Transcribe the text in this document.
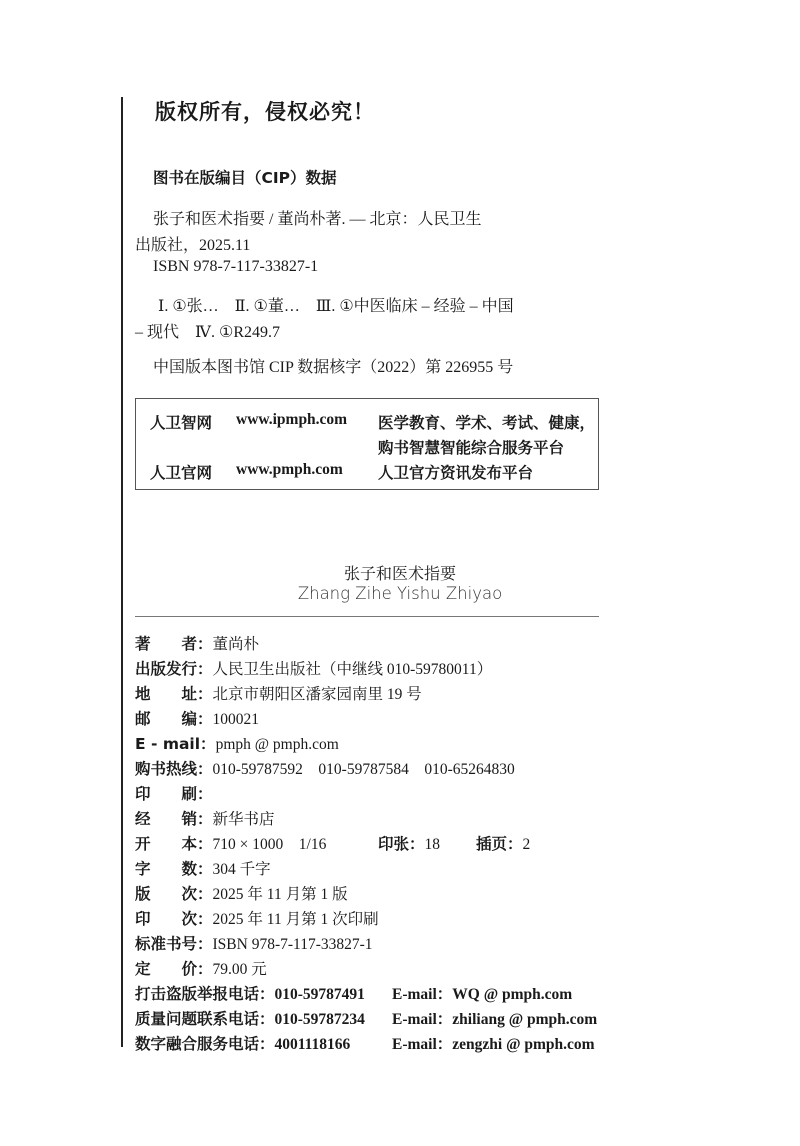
版权所有，侵权必究！
图书在版编目（CIP）数据
张子和医术指要 / 董尚朴著. — 北京：人民卫生
出版社，2025.11
ISBN 978-7-117-33827-1
Ⅰ. ①张…　Ⅱ. ①董…　Ⅲ. ①中医临床 – 经验 – 中国
– 现代　Ⅳ. ①R249.7
中国版本图书馆 CIP 数据核字（2022）第 226955 号
人卫智网 www.ipmph.com 医学教育、学术、考试、健康，
购书智慧智能综合服务平台
人卫官网 www.pmph.com 人卫官方资讯发布平台
张子和医术指要
Zhang Zihe Yishu Zhiyao
著　　者：董尚朴
出版发行：人民卫生出版社（中继线 010-59780011）
地　　址：北京市朝阳区潘家园南里 19 号
邮　　编：100021
E - mail：pmph @ pmph.com
购书热线：010-59787592　010-59787584　010-65264830
印　　刷：
经　　销：新华书店
开　　本：710 × 1000　1/16	印张：18 插页：2
字　　数：304 千字
版　　次：2025 年 11 月第 1 版
印　　次：2025 年 11 月第 1 次印刷
标准书号：ISBN 978-7-117-33827-1
定　　价：79.00 元
打击盗版举报电话：010-59787491 E-mail：WQ @ pmph.com
质量问题联系电话：010-59787234 E-mail：zhiliang @ pmph.com
数字融合服务电话：4001118166	E-mail：zengzhi @ pmph.com
